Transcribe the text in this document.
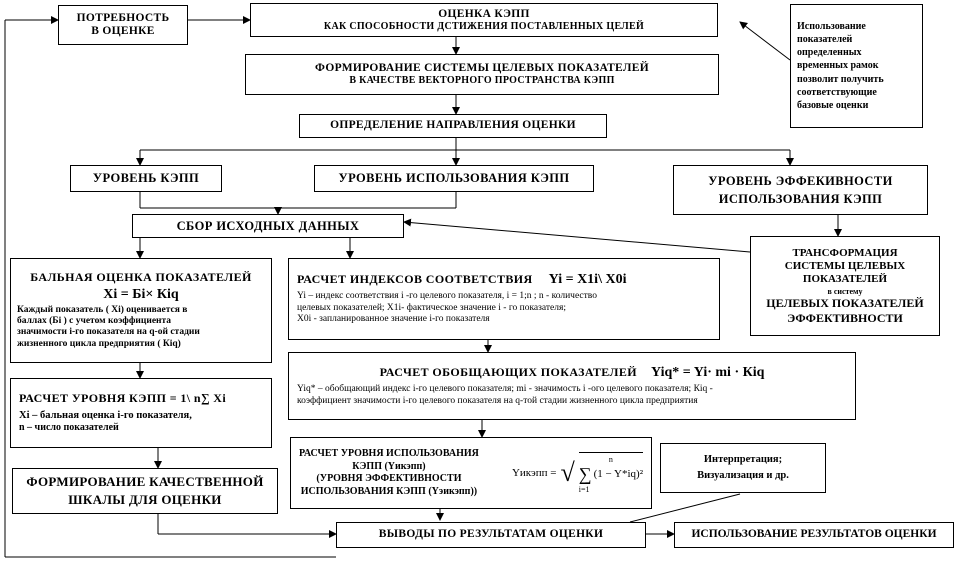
ПОТРЕБНОСТЬ
В ОЦЕНКЕ
ОЦЕНКА КЭПП
КАК СПОСОБНОСТИ ДСТИЖЕНИЯ ПОСТАВЛЕННЫХ ЦЕЛЕЙ	Использование
показателей
определенных
временных рамок
позволит получить
соответствующие
базовые оценки
ФОРМИРОВАНИЕ СИСТЕМЫ ЦЕЛЕВЫХ ПОКАЗАТЕЛЕЙ
В КАЧЕСТВЕ ВЕКТОРНОГО ПРОСТРАНСТВА КЭПП
ОПРЕДЕЛЕНИЕ НАПРАВЛЕНИЯ ОЦЕНКИ
УРОВЕНЬ КЭПП	УРОВЕНЬ ИСПОЛЬЗОВАНИЯ КЭПП	УРОВЕНЬ ЭФФЕКИВНОСТИ
ИСПОЛЬЗОВАНИЯ КЭПП
СБОР ИСХОДНЫХ ДАННЫХ
ТРАНСФОРМАЦИЯ
СИСТЕМЫ ЦЕЛЕВЫХ
ПОКАЗАТЕЛЕЙ
в систему
ЦЕЛЕВЫХ ПОКАЗАТЕЛЕЙ
ЭФФЕКТИВНОСТИ
БАЛЬНАЯ ОЦЕНКА ПОКАЗАТЕЛЕЙ
Xi = Бi× Кiq
Каждый показатель ( Xi) оценивается в
баллах (Бi ) с учетом коэффициента
значимости i-го показателя на q-ой стадии
жизненного цикла предприятия ( Кiq)
РАСЧЕТ ИНДЕКСОВ СООТВЕТСТВИЯ Yi = X1i\ X0i
Yi – индекс соответствия i -го целевого показателя, i = 1;n ; n - количество
целевых показателей; X1i- фактическое значение i - го показателя;
X0i - запланированное значение i-го показателя
РАСЧЕТ УРОВНЯ КЭПП = 1\ n∑ Xi
Xi – бальная оценка i-го показателя,
n – число показателей
РАСЧЕТ ОБОБЩАЮЩИХ ПОКАЗАТЕЛЕЙ Yiq* = Yi· mi · Кiq
Yiq* – обобщающий индекс i-го целевого показателя; mi - значимость i -ого целевого показателя; Кiq -
коэффициент значимости i-го целевого показателя на q-той стадии жизненного цикла предприятия
ФОРМИРОВАНИЕ КАЧЕСТВЕННОЙ
ШКАЛЫ ДЛЯ ОЦЕНКИ
РАСЧЕТ УРОВНЯ ИСПОЛЬЗОВАНИЯ
КЭПП (Yикэпп)
(УРОВНЯ ЭФФЕКТИВНОСТИ
ИСПОЛЬЗОВАНИЯ КЭПП (Yэикэпп))
Yикэпп = √	n
∑ (1 − Y*iq)²
i=1
Интерпретация;
Визуализация и др.
ВЫВОДЫ ПО РЕЗУЛЬТАТАМ ОЦЕНКИ	ИСПОЛЬЗОВАНИЕ РЕЗУЛЬТАТОВ ОЦЕНКИ
